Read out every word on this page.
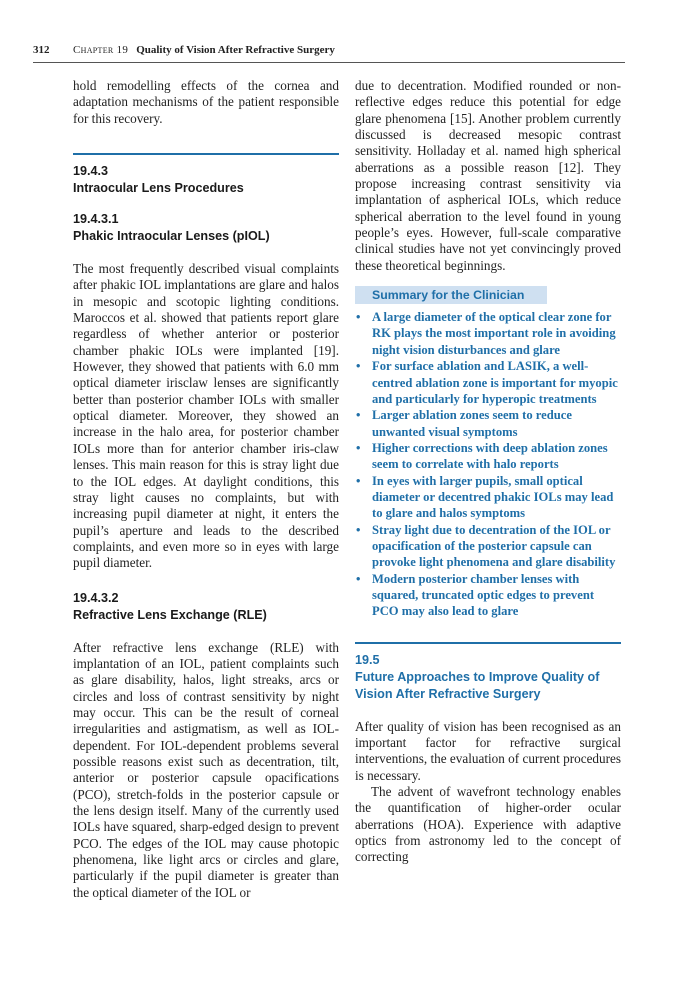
312 Chapter 19 Quality of Vision After Refractive Surgery

hold remodelling effects of the cornea and adaptation mechanisms of the patient responsible for this recovery.

19.4.3
Intraocular Lens Procedures
19.4.3.1
Phakic Intraocular Lenses (pIOL)

The most frequently described visual complaints after phakic IOL implantations are glare and halos in mesopic and scotopic lighting conditions. Maroccos et al. showed that patients report glare regardless of whether anterior or posterior chamber phakic IOLs were implanted [19]. However, they showed that patients with 6.0 mm optical diameter irisclaw lenses are significantly better than posterior chamber IOLs with smaller optical diameter. Moreover, they showed an increase in the halo area, for posterior chamber IOLs more than for anterior chamber iris-claw lenses. This main reason for this is stray light due to the IOL edges. At daylight conditions, this stray light causes no complaints, but with increasing pupil diameter at night, it enters the pupil’s aperture and leads to the described complaints, and even more so in eyes with large pupil diameter.

19.4.3.2
Refractive Lens Exchange (RLE)

After refractive lens exchange (RLE) with implantation of an IOL, patient complaints such as glare disability, halos, light streaks, arcs or circles and loss of contrast sensitivity by night may occur. This can be the result of corneal irregularities and astigmatism, as well as IOL-dependent. For IOL-dependent problems several possible reasons exist such as decentration, tilt, anterior or posterior capsule opacifications (PCO), stretch-folds in the posterior capsule or the lens design itself. Many of the currently used IOLs have squared, sharp-edged design to prevent PCO. The edges of the IOL may cause photopic phenomena, like light arcs or circles and glare, particularly if the pupil diameter is greater than the optical diameter of the IOL or

due to decentration. Modified rounded or non-reflective edges reduce this potential for edge glare phenomena [15]. Another problem currently discussed is decreased mesopic contrast sensitivity. Holladay et al. named high spherical aberrations as a possible reason [12]. They propose increasing contrast sensitivity via implantation of aspherical IOLs, which reduce spherical aberration to the level found in young people’s eyes. However, full-scale comparative clinical studies have not yet convincingly proved these theoretical beginnings.

Summary for the Clinician
• A large diameter of the optical clear zone for RK plays the most important role in avoiding night vision disturbances and glare
• For surface ablation and LASIK, a well-centred ablation zone is important for myopic and particularly for hyperopic treatments
• Larger ablation zones seem to reduce unwanted visual symptoms
• Higher corrections with deep ablation zones seem to correlate with halo reports
• In eyes with larger pupils, small optical diameter or decentred phakic IOLs may lead to glare and halos symptoms
• Stray light due to decentration of the IOL or opacification of the posterior capsule can provoke light phenomena and glare disability
• Modern posterior chamber lenses with squared, truncated optic edges to prevent PCO may also lead to glare
19.5
Future Approaches to Improve Quality of Vision After Refractive Surgery

After quality of vision has been recognised as an important factor for refractive surgical interventions, the evaluation of current procedures is necessary.

The advent of wavefront technology enables the quantification of higher-order ocular aberrations (HOA). Experience with adaptive optics from astronomy led to the concept of correcting
